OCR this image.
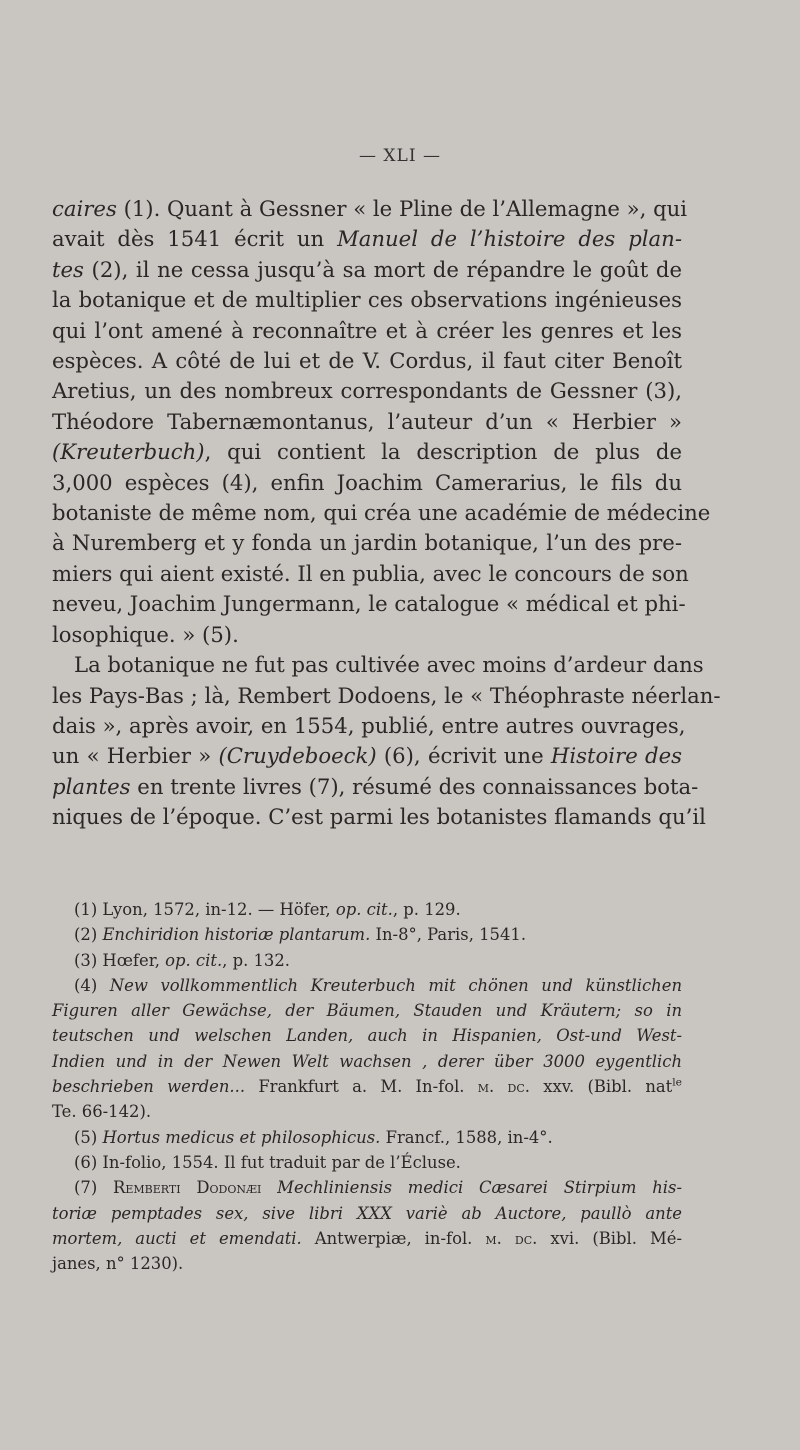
— XLI —
caires (1). Quant à Gessner « le Pline de l’Allemagne », qui
avait dès 1541 écrit un Manuel de l’histoire des plan-
tes (2), il ne cessa jusqu’à sa mort de répandre le goût de
la botanique et de multiplier ces observations ingénieuses
qui l’ont amené à reconnaître et à créer les genres et les
espèces. A côté de lui et de V. Cordus, il faut citer Benoît
Aretius, un des nombreux correspondants de Gessner (3),
Théodore Tabernæmontanus, l’auteur d’un « Herbier »
(Kreuterbuch), qui contient la description de plus de
3,000 espèces (4), enfin Joachim Camerarius, le fils du
botaniste de même nom, qui créa une académie de médecine
à Nuremberg et y fonda un jardin botanique, l’un des pre-
miers qui aient existé. Il en publia, avec le concours de son
neveu, Joachim Jungermann, le catalogue « médical et phi-
losophique. » (5).
La botanique ne fut pas cultivée avec moins d’ardeur dans
les Pays-Bas ; là, Rembert Dodoens, le « Théophraste néerlan-
dais », après avoir, en 1554, publié, entre autres ouvrages,
un « Herbier » (Cruydeboeck) (6), écrivit une Histoire des
plantes en trente livres (7), résumé des connaissances bota-
niques de l’époque. C’est parmi les botanistes flamands qu’il
(1) Lyon, 1572, in-12. — Höfer, op. cit., p. 129.
(2) Enchiridion historiæ plantarum. In-8°, Paris, 1541.
(3) Hœfer, op. cit., p. 132.
(4) New vollkommentlich Kreuterbuch mit chönen und künstlichen
Figuren aller Gewächse, der Bäumen, Stauden und Kräutern; so in
teutschen und welschen Landen, auch in Hispanien, Ost-und West-
Indien und in der Newen Welt wachsen , derer über 3000 eygentlich
beschrieben werden... Frankfurt a. M. In-fol. m. dc. xxv. (Bibl. nat$^{le}$
Te. 66-142).
(5) Hortus medicus et philosophicus. Francf., 1588, in-4°.
(6) In-folio, 1554. Il fut traduit par de l’Écluse.
(7) Remberti Dodonæi Mechliniensis medici Cæsarei Stirpium his-
toriæ pemptades sex, sive libri XXX variè ab Auctore, paullò ante
mortem, aucti et emendati. Antwerpiæ, in-fol. m. dc. xvi. (Bibl. Mé-
janes, n° 1230).
